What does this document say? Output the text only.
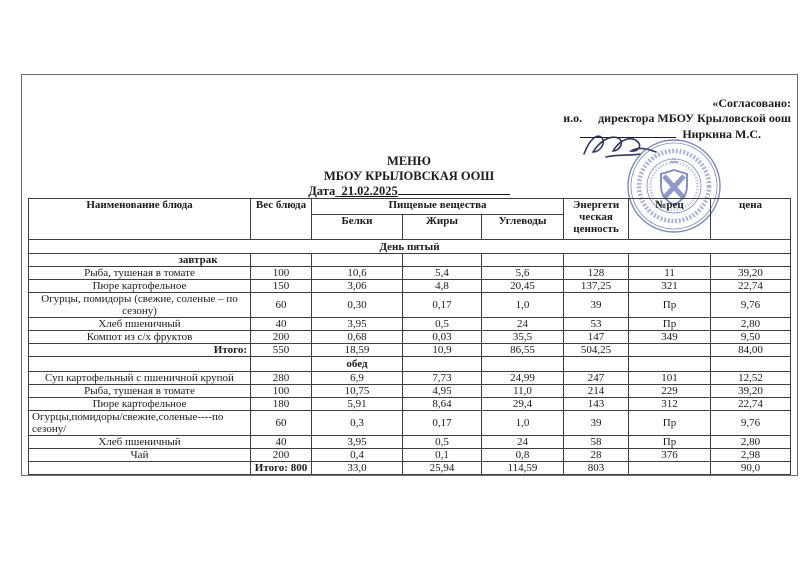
«Согласовано:
и.о. директора МБОУ Крыловской оош
Ниркина М.С.
МЕНЮ
МБОУ КРЫЛОВСКАЯ ООШ
Дата_21.02.2025
Наименование блюда	Вес блюда	Пищевые вещества			Энергети ческая ценность	№рец	цена
		Белки	Жиры	Углеводы			
День пятый							
завтрак							
Рыба, тушеная в томате	100	10,6	5,4	5,6	128	11	39,20
Пюре картофельное	150	3,06	4,8	20,45	137,25	321	22,74
Огурцы, помидоры (свежие, соленые – по сезону)	60	0,30	0,17	1,0	39	Пр	9,76
Хлеб пшеничный	40	3,95	0,5	24	53	Пр	2,80
Компот из с/х фруктов	200	0,68	0,03	35,5	147	349	9,50
Итого:	550	18,59	10,9	86,55	504,25		84,00
		обед					
Суп картофельный с пшеничной крупой	280	6,9	7,73	24,99	247	101	12,52
Рыба, тушеная в томате	100	10,75	4,95	11,0	214	229	39,20
Пюре картофельное	180	5,91	8,64	29,4	143	312	22,74
Огурцы,помидоры/свежие,соленые----по сезону/	60	0,3	0,17	1,0	39	Пр	9,76
Хлеб пшеничный	40	3,95	0,5	24	58	Пр	2,80
Чай	200	0,4	0,1	0,8	28	376	2,98
	Итого: 800	33,0	25,94	114,59	803		90,0
